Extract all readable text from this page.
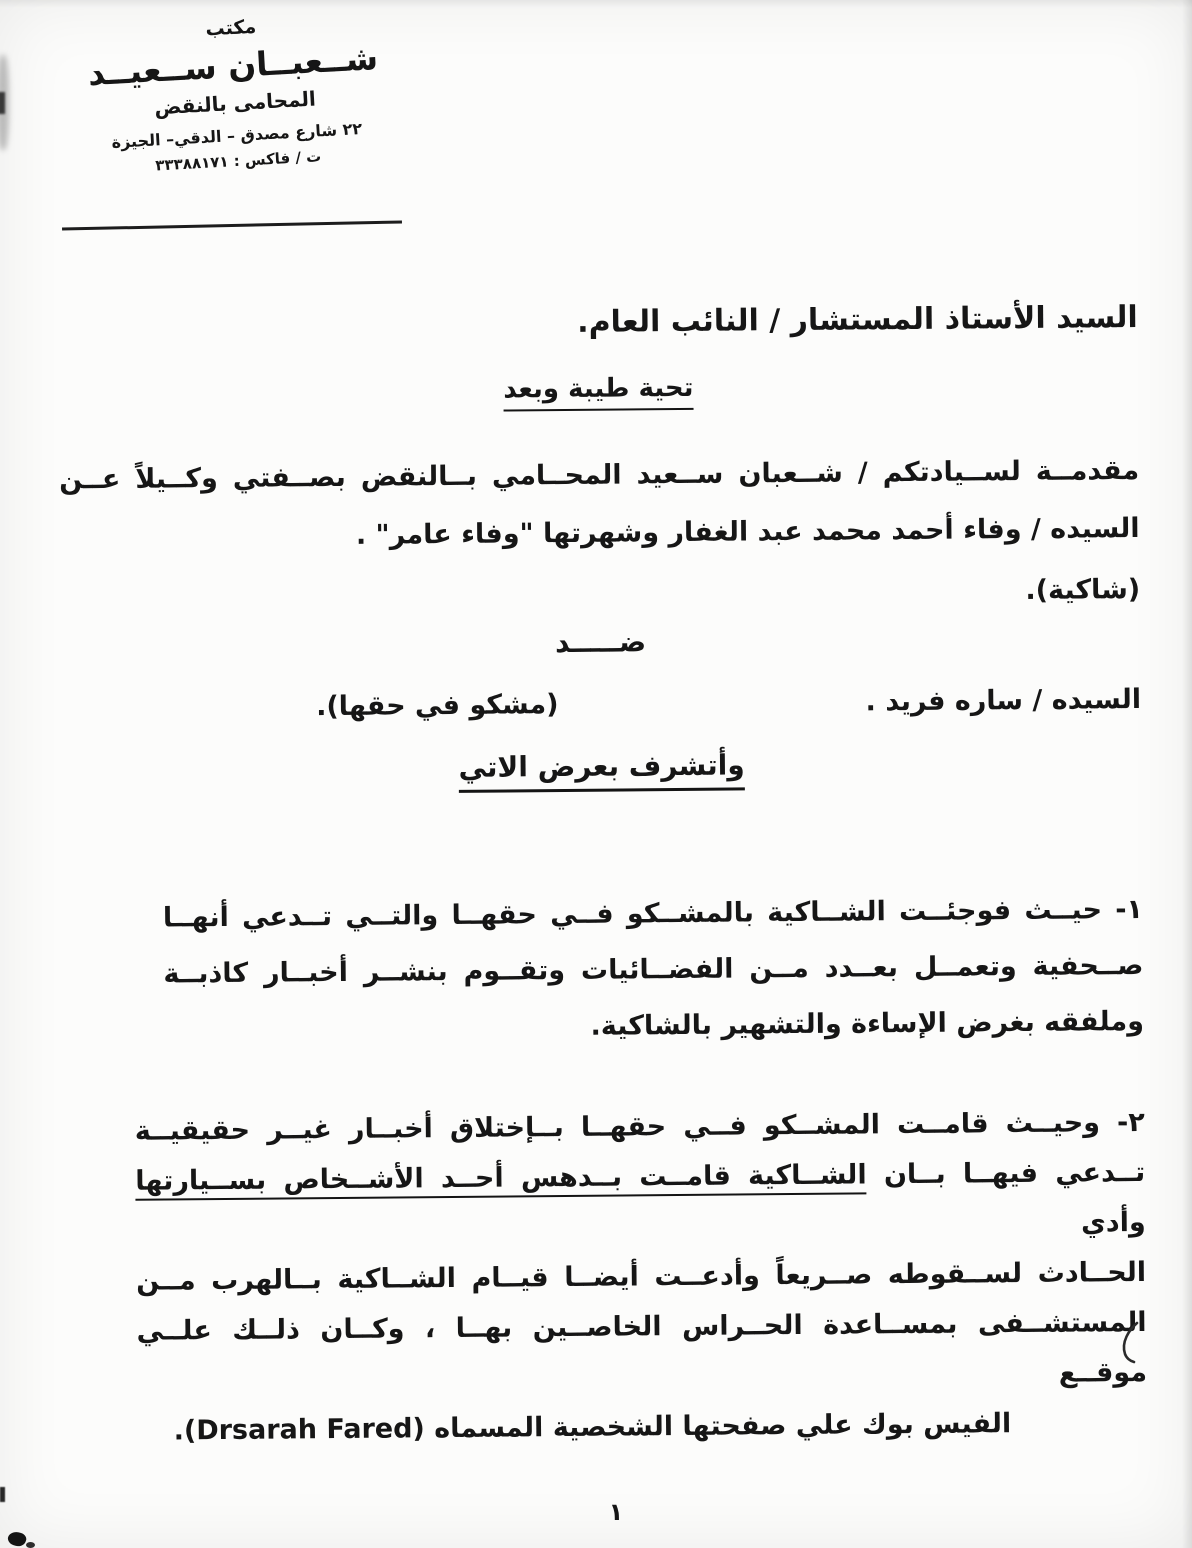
مكتب
شــعبــان ســعيــد
المحامى بالنقض
٢٢ شارع مصدق – الدقي– الجيزة
ت / فاكس : ٣٣٣٨٨١٧١
السيد الأستاذ المستشار / النائب العام.
تحية طيبة وبعد
مقدمــة لســيادتكم / شــعبان ســعيد المحــامي بــالنقض بصــفتي وكــيلاً عــن
السيده / وفاء أحمد محمد عبد الغفار وشهرتها "وفاء عامر" .
(شاكية).
ضـــــد
السيده / ساره فريد .
(مشكو في حقها).
وأتشرف بعرض الاتي
١- حيــث فوجئــت الشــاكية بالمشــكو فــي حقهــا والتــي تــدعي أنهــا
صــحفية وتعمــل بعــدد مــن الفضــائيات وتقــوم بنشــر أخبــار كاذبــة
وملفقه بغرض الإساءة والتشهير بالشاكية.
٢- وحيــث قامــت المشــكو فــي حقهــا بــإختلاق أخبــار غيــر حقيقيــة
تــدعي فيهــا بــان الشــاكية قامــت بــدهس أحــد الأشــخاص بســيارتها وأدي
الحــادث لســقوطه صــريعاً وأدعــت أيضــا قيــام الشــاكية بــالهرب مــن
المستشــفى بمســاعدة الحــراس الخاصــين بهــا ، وكــان ذلــك علــي موقــع
الفيس بوك علي صفحتها الشخصية المسماه (Drsarah Fared).
١
